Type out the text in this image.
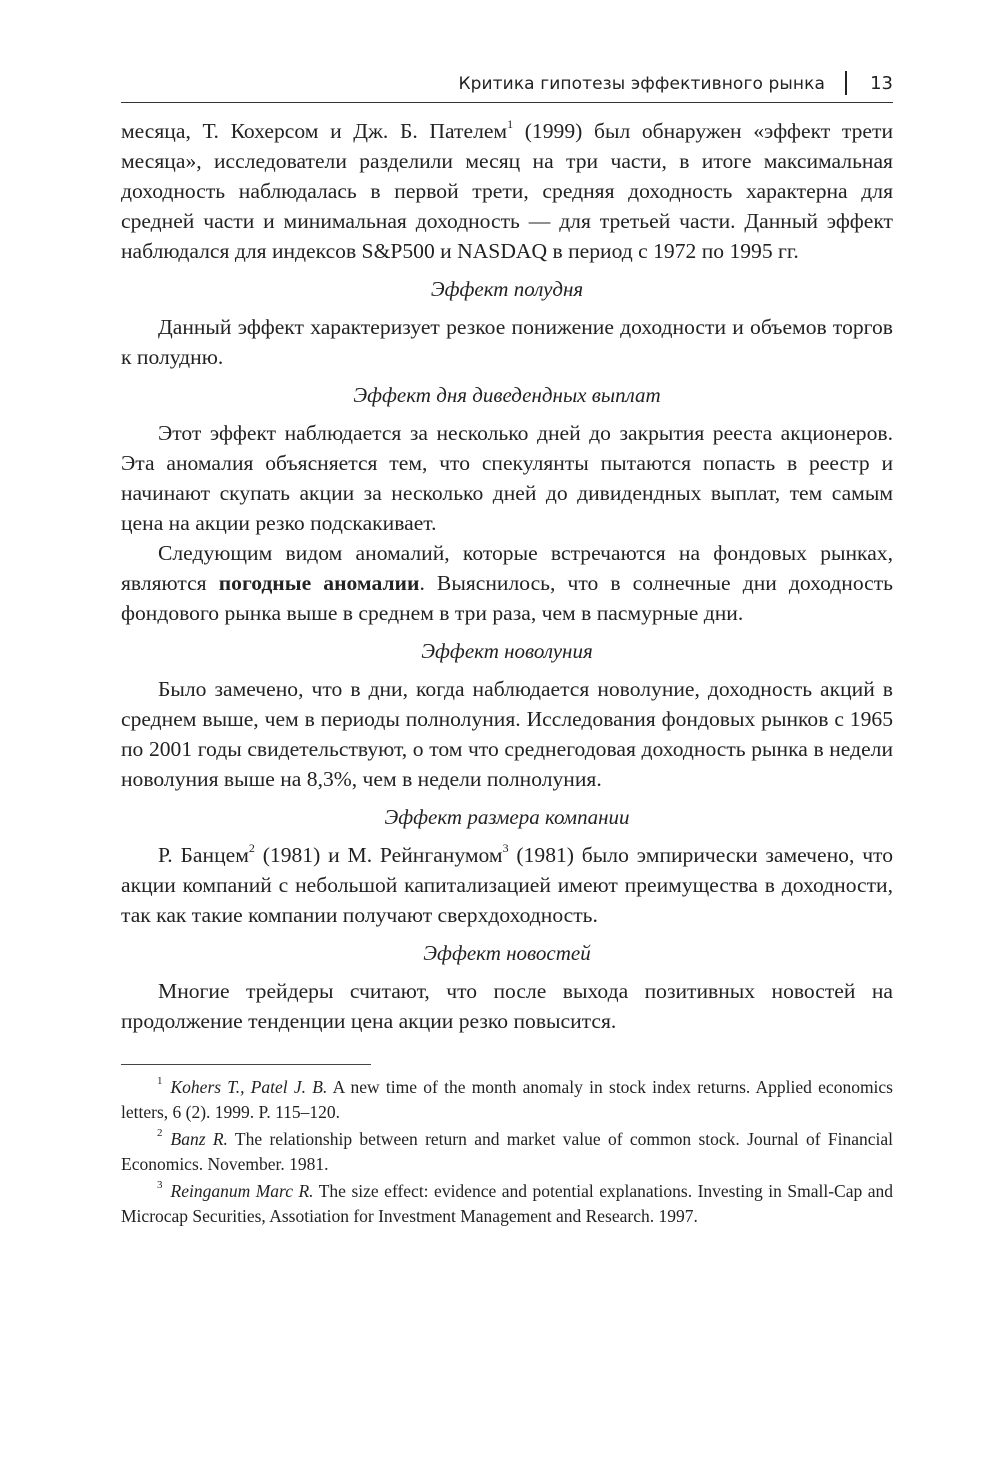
Критика гипотезы эффективного рынка	13

месяца, Т. Кохерсом и Дж. Б. Пателем$^1$ (1999) был обнаружен «эффект трети месяца», исследователи разделили месяц на три части, в итоге максимальная доходность наблюдалась в первой трети, средняя доходность характерна для средней части и минимальная доходность — для третьей части. Данный эффект наблюдался для индексов S&P500 и NASDAQ в период с 1972 по 1995 гг.

Эффект полудня

Данный эффект характеризует резкое понижение доходности и объемов торгов к полудню.

Эффект дня диведендных выплат

Этот эффект наблюдается за несколько дней до закрытия рееста акционеров. Эта аномалия объясняется тем, что спекулянты пытаются попасть в реестр и начинают скупать акции за несколько дней до дивидендных выплат, тем самым цена на акции резко подскакивает.

Следующим видом аномалий, которые встречаются на фондовых рынках, являются погодные аномалии. Выяснилось, что в солнечные дни доходность фондового рынка выше в среднем в три раза, чем в пасмурные дни.

Эффект новолуния

Было замечено, что в дни, когда наблюдается новолуние, доходность акций в среднем выше, чем в периоды полнолуния. Исследования фондовых рынков с 1965 по 2001 годы свидетельствуют, о том что среднегодовая доходность рынка в недели новолуния выше на 8,3%, чем в недели полнолуния.

Эффект размера компании

Р. Банцем$^2$ (1981) и М. Рейнганумом$^3$ (1981) было эмпирически замечено, что акции компаний с небольшой капитализацией имеют преимущества в доходности, так как такие компании получают сверхдоходность.

Эффект новостей

Многие трейдеры считают, что после выхода позитивных новостей на продолжение тенденции цена акции резко повысится.

$^1$ Kohers T., Patel J. B. A new time of the month anomaly in stock index returns. Applied economics letters, 6 (2). 1999. P. 115–120.

$^2$ Banz R. The relationship between return and market value of common stock. Journal of Financial Economics. November. 1981.

$^3$ Reinganum Marc R. The size effect: evidence and potential explanations. Investing in Small-Cap and Microcap Securities, Assotiation for Investment Management and Research. 1997.
